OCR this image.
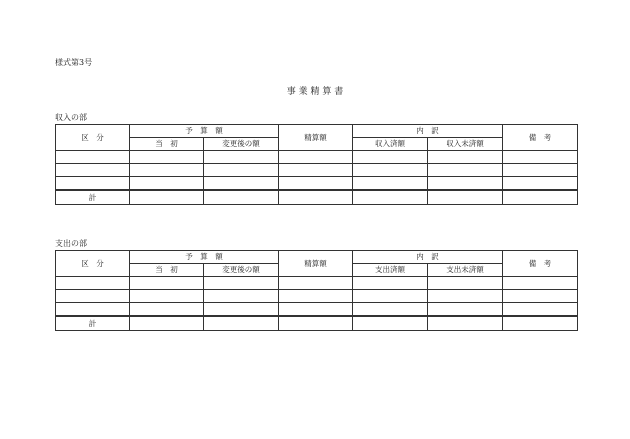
様式第3号
事 業 精 算 書
収入の部
区　分	予　算　額		精算額	内　訳		備　考
	当　初	変更後の額		収入済額	収入未済額	

計						
支出の部
区　分	予　算　額		精算額	内　訳		備　考
	当　初	変更後の額		支出済額	支出未済額	

計						
